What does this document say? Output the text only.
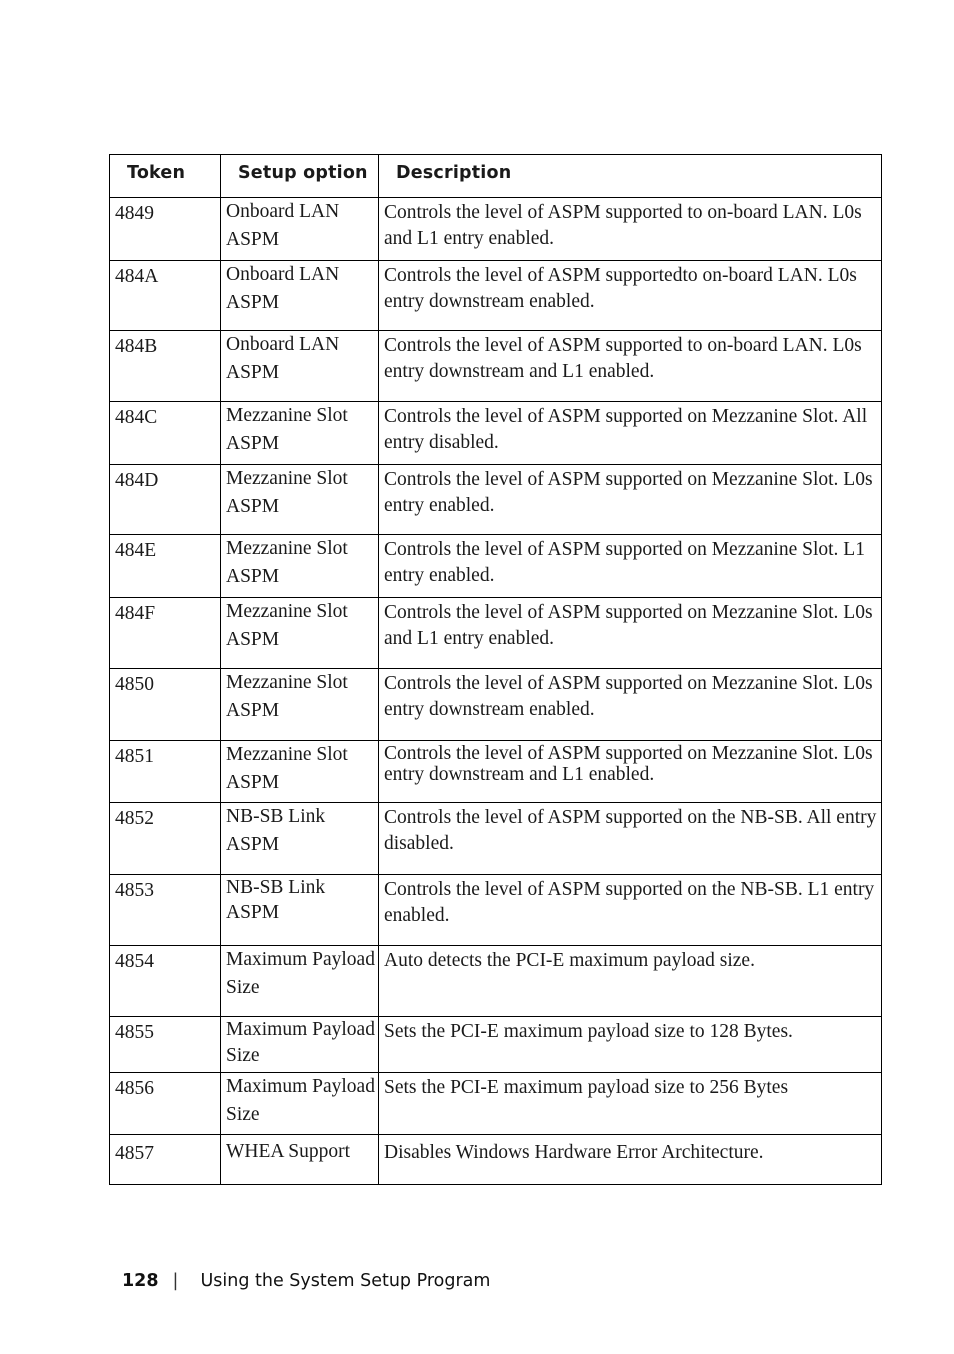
Token	Setup option	Description
4849	Onboard LAN ASPM	Controls the level of ASPM supported to on-board LAN. L0s and L1 entry enabled.
484A	Onboard LAN ASPM	Controls the level of ASPM supportedto on-board LAN. L0s entry downstream enabled.
484B	Onboard LAN ASPM	Controls the level of ASPM supported to on-board LAN. L0s entry downstream and L1 enabled.
484C	Mezzanine Slot ASPM	Controls the level of ASPM supported on Mezzanine Slot. All entry disabled.
484D	Mezzanine Slot ASPM	Controls the level of ASPM supported on Mezzanine Slot. L0s entry enabled.
484E	Mezzanine Slot ASPM	Controls the level of ASPM supported on Mezzanine Slot. L1 entry enabled.
484F	Mezzanine Slot ASPM	Controls the level of ASPM supported on Mezzanine Slot. L0s and L1 entry enabled.
4850	Mezzanine Slot ASPM	Controls the level of ASPM supported on Mezzanine Slot. L0s entry downstream enabled.
4851	Mezzanine Slot ASPM	Controls the level of ASPM supported on Mezzanine Slot. L0s entry downstream and L1 enabled.
4852	NB-SB Link ASPM	Controls the level of ASPM supported on the NB-SB. All entry disabled.
4853	NB-SB Link ASPM	Controls the level of ASPM supported on the NB-SB. L1 entry enabled.
4854	Maximum Payload Size	Auto detects the PCI-E maximum payload size.
4855	Maximum Payload Size	Sets the PCI-E maximum payload size to 128 Bytes.
4856	Maximum Payload Size	Sets the PCI-E maximum payload size to 256 Bytes
4857	WHEA Support	Disables Windows Hardware Error Architecture.
128 | Using the System Setup Program
